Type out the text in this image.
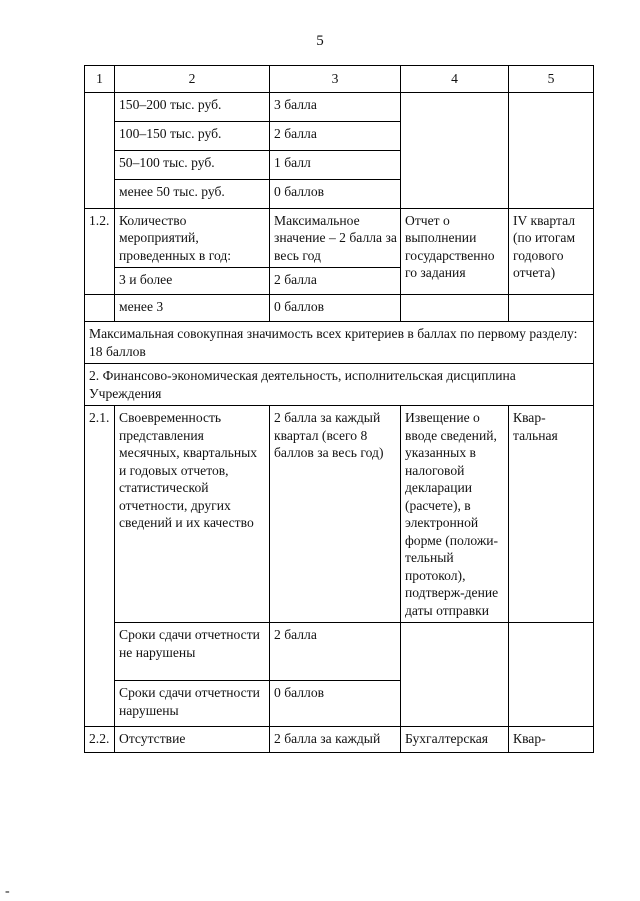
5
1	2	3	4	5
	150–200 тыс. руб.	3 балла		
	100–150 тыс. руб.	2 балла		
	50–100 тыс. руб.	1 балл		
	менее 50 тыс. руб.	0 баллов		
1.2.	Количество мероприятий, проведенных в год:	Максимальное значение – 2 балла за весь год	Отчет о выполнении государственно го задания	IV квартал (по итогам годового отчета)
	3 и более	2 балла		
	менее 3	0 баллов		
Максимальная совокупная значимость всех критериев в баллах по первому разделу: 18 баллов				
2. Финансово-экономическая деятельность, исполнительская дисциплина Учреждения				
2.1.	Своевременность представления месячных, квартальных и годовых отчетов, статистической отчетности, других сведений и их качество	2 балла за каждый квартал (всего 8 баллов за весь год)	Извещение о вводе сведений, указанных в налоговой декларации (расчете), в электронной форме (положи-тельный протокол), подтверж-дение даты отправки	Квар-тальная
	Сроки сдачи отчетности не нарушены	2 балла		
	Сроки сдачи отчетности нарушены	0 баллов		
2.2.	Отсутствие	2 балла за каждый	Бухгалтерская	Квар-
-
